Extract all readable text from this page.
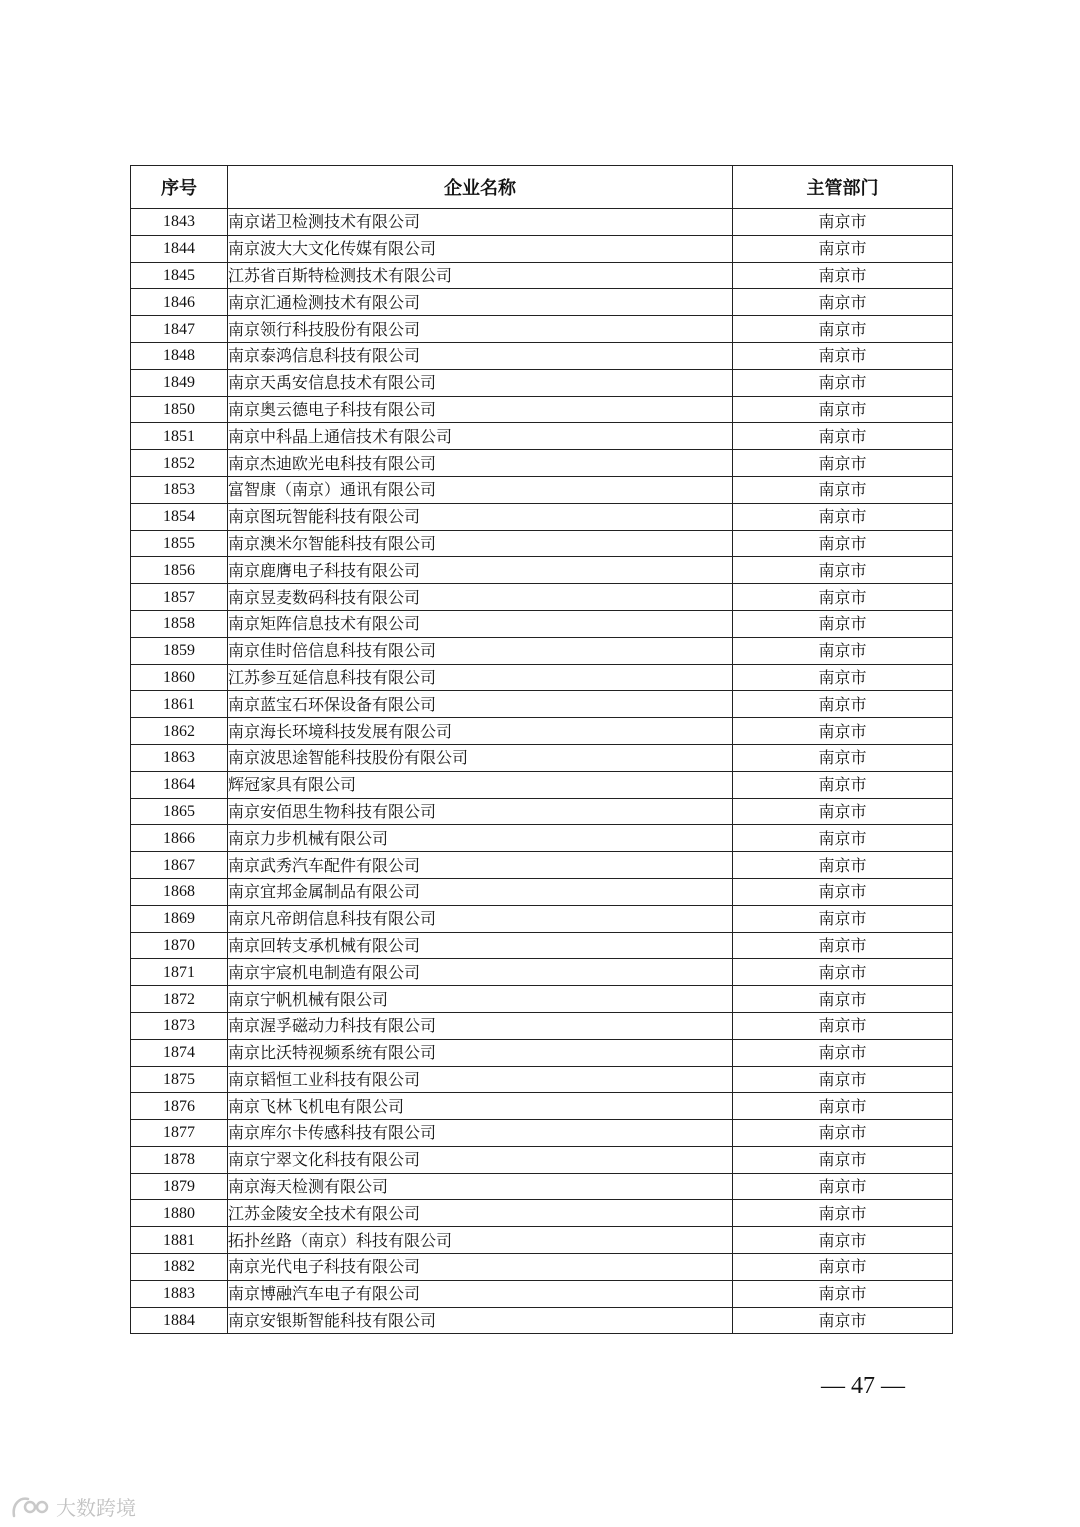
序号	企业名称	主管部门
1843	南京诺卫检测技术有限公司	南京市
1844	南京波大大文化传媒有限公司	南京市
1845	江苏省百斯特检测技术有限公司	南京市
1846	南京汇通检测技术有限公司	南京市
1847	南京领行科技股份有限公司	南京市
1848	南京泰鸿信息科技有限公司	南京市
1849	南京天禹安信息技术有限公司	南京市
1850	南京奥云德电子科技有限公司	南京市
1851	南京中科晶上通信技术有限公司	南京市
1852	南京杰迪欧光电科技有限公司	南京市
1853	富智康（南京）通讯有限公司	南京市
1854	南京图玩智能科技有限公司	南京市
1855	南京澳米尔智能科技有限公司	南京市
1856	南京鹿膺电子科技有限公司	南京市
1857	南京昱麦数码科技有限公司	南京市
1858	南京矩阵信息技术有限公司	南京市
1859	南京佳时倍信息科技有限公司	南京市
1860	江苏参互延信息科技有限公司	南京市
1861	南京蓝宝石环保设备有限公司	南京市
1862	南京海长环境科技发展有限公司	南京市
1863	南京波思途智能科技股份有限公司	南京市
1864	辉冠家具有限公司	南京市
1865	南京安佰思生物科技有限公司	南京市
1866	南京力步机械有限公司	南京市
1867	南京武秀汽车配件有限公司	南京市
1868	南京宜邦金属制品有限公司	南京市
1869	南京凡帝朗信息科技有限公司	南京市
1870	南京回转支承机械有限公司	南京市
1871	南京宇宸机电制造有限公司	南京市
1872	南京宁帆机械有限公司	南京市
1873	南京渥孚磁动力科技有限公司	南京市
1874	南京比沃特视频系统有限公司	南京市
1875	南京韬恒工业科技有限公司	南京市
1876	南京飞林飞机电有限公司	南京市
1877	南京库尔卡传感科技有限公司	南京市
1878	南京宁翠文化科技有限公司	南京市
1879	南京海天检测有限公司	南京市
1880	江苏金陵安全技术有限公司	南京市
1881	拓扑丝路（南京）科技有限公司	南京市
1882	南京光代电子科技有限公司	南京市
1883	南京博融汽车电子有限公司	南京市
1884	南京安银斯智能科技有限公司	南京市
— 47 —
大数跨境
